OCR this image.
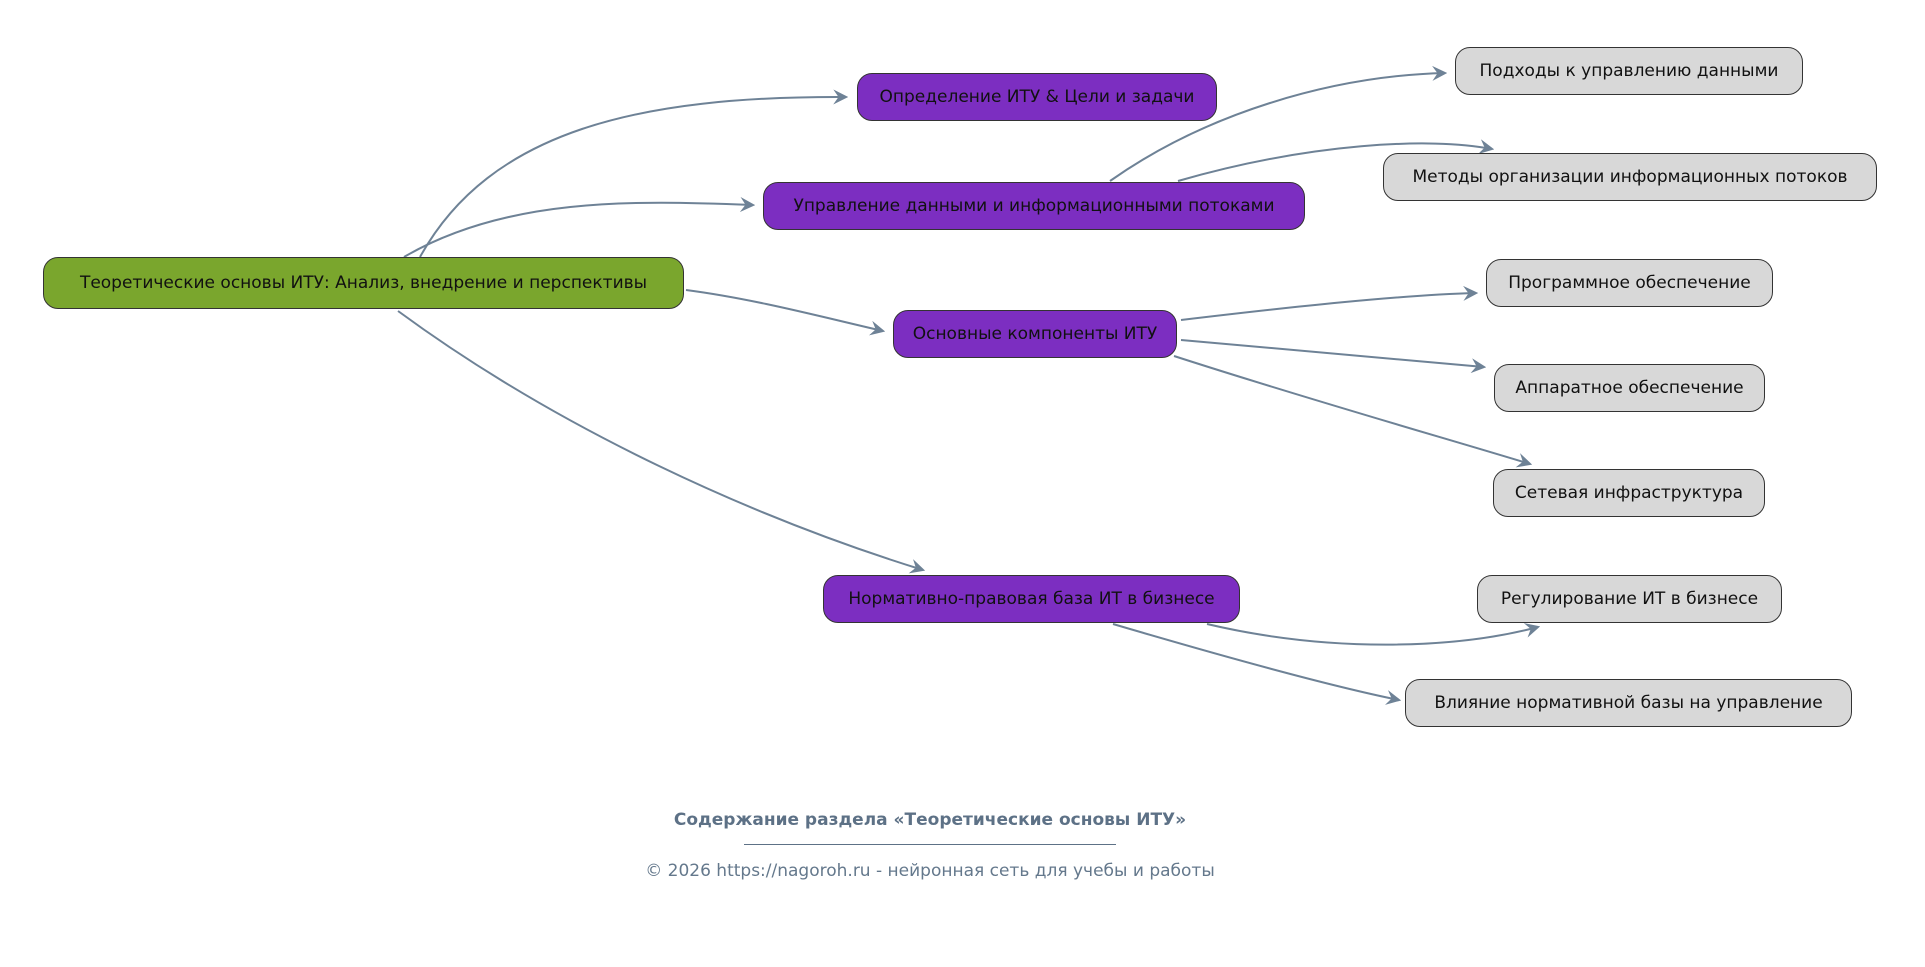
Теоретические основы ИТУ: Анализ, внедрение и перспективы
Определение ИТУ & Цели и задачи
Управление данными и информационными потоками
Основные компоненты ИТУ
Нормативно-правовая база ИТ в бизнесе
Подходы к управлению данными
Методы организации информационных потоков
Программное обеспечение
Аппаратное обеспечение
Сетевая инфраструктура
Регулирование ИТ в бизнесе
Влияние нормативной базы на управление
Содержание раздела «Теоретические основы ИТУ»
© 2026 https://nagoroh.ru - нейронная сеть для учебы и работы
